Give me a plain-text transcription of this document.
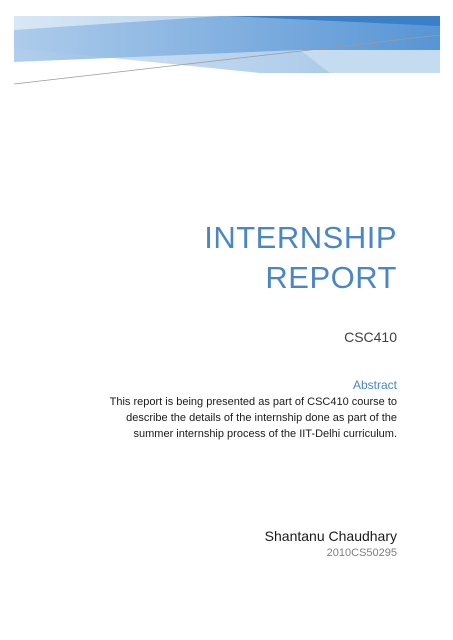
INTERNSHIP
REPORT
CSC410
Abstract
This report is being presented as part of CSC410 course to describe the details of the internship done as part of the summer internship process of the IIT-Delhi curriculum.
Shantanu Chaudhary
2010CS50295
